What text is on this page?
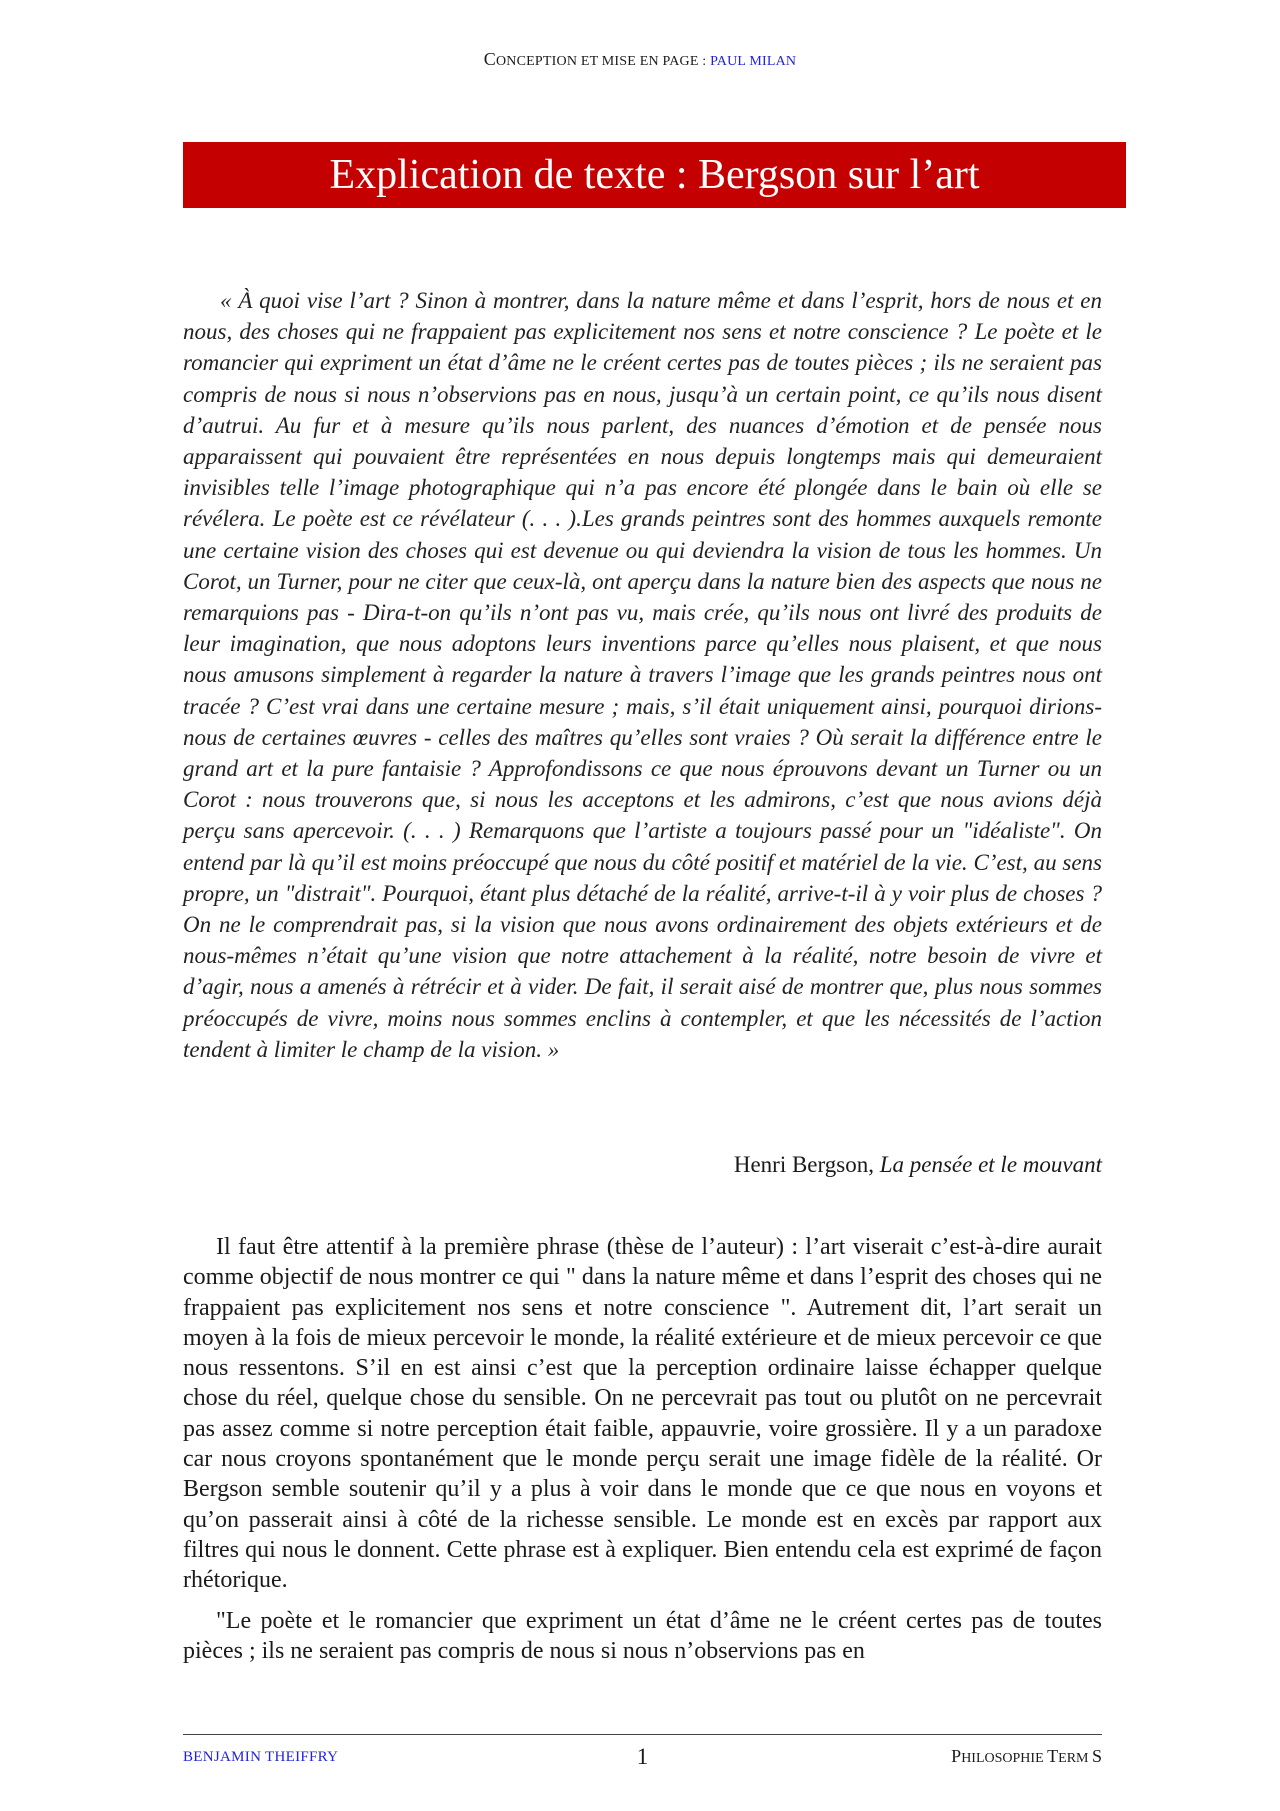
CONCEPTION ET MISE EN PAGE : PAUL MILAN
Explication de texte : Bergson sur l’art

« À quoi vise l’art ? Sinon à montrer, dans la nature même et dans l’esprit, hors de nous et en nous, des choses qui ne frappaient pas explicitement nos sens et notre conscience ? Le poète et le romancier qui expriment un état d’âme ne le créent certes pas de toutes pièces ; ils ne seraient pas compris de nous si nous n’observions pas en nous, jusqu’à un certain point, ce qu’ils nous disent d’autrui. Au fur et à mesure qu’ils nous parlent, des nuances d’émotion et de pensée nous apparaissent qui pouvaient être représentées en nous depuis longtemps mais qui demeuraient invisibles telle l’image photographique qui n’a pas encore été plongée dans le bain où elle se révélera. Le poète est ce révélateur (. . . ).Les grands peintres sont des hommes auxquels remonte une certaine vision des choses qui est devenue ou qui deviendra la vision de tous les hommes. Un Corot, un Turner, pour ne citer que ceux-là, ont aperçu dans la nature bien des aspects que nous ne remarquions pas - Dira-t-on qu’ils n’ont pas vu, mais crée, qu’ils nous ont livré des produits de leur imagination, que nous adoptons leurs inventions parce qu’elles nous plaisent, et que nous nous amusons simplement à regarder la nature à travers l’image que les grands peintres nous ont tracée ? C’est vrai dans une certaine mesure ; mais, s’il était uniquement ainsi, pourquoi dirions-nous de certaines œuvres - celles des maîtres qu’elles sont vraies ? Où serait la différence entre le grand art et la pure fantaisie ? Approfondissons ce que nous éprouvons devant un Turner ou un Corot : nous trouverons que, si nous les acceptons et les admirons, c’est que nous avions déjà perçu sans apercevoir. (. . . ) Remarquons que l’artiste a toujours passé pour un "idéaliste". On entend par là qu’il est moins préoccupé que nous du côté positif et matériel de la vie. C’est, au sens propre, un "distrait". Pourquoi, étant plus détaché de la réalité, arrive-t-il à y voir plus de choses ? On ne le comprendrait pas, si la vision que nous avons ordinairement des objets extérieurs et de nous-mêmes n’était qu’une vision que notre attachement à la réalité, notre besoin de vivre et d’agir, nous a amenés à rétrécir et à vider. De fait, il serait aisé de montrer que, plus nous sommes préoccupés de vivre, moins nous sommes enclins à contempler, et que les nécessités de l’action tendent à limiter le champ de la vision. »

Henri Bergson, La pensée et le mouvant

Il faut être attentif à la première phrase (thèse de l’auteur) : l’art viserait c’est-à-dire aurait comme objectif de nous montrer ce qui " dans la nature même et dans l’esprit des choses qui ne frappaient pas explicitement nos sens et notre conscience ". Autrement dit, l’art serait un moyen à la fois de mieux percevoir le monde, la réalité extérieure et de mieux percevoir ce que nous ressentons. S’il en est ainsi c’est que la perception ordinaire laisse échapper quelque chose du réel, quelque chose du sensible. On ne percevrait pas tout ou plutôt on ne percevrait pas assez comme si notre perception était faible, appauvrie, voire grossière. Il y a un paradoxe car nous croyons spontanément que le monde perçu serait une image fidèle de la réalité. Or Bergson semble soutenir qu’il y a plus à voir dans le monde que ce que nous en voyons et qu’on passerait ainsi à côté de la richesse sensible. Le monde est en excès par rapport aux filtres qui nous le donnent. Cette phrase est à expliquer. Bien entendu cela est exprimé de façon rhétorique.

"Le poète et le romancier que expriment un état d’âme ne le créent certes pas de toutes pièces ; ils ne seraient pas compris de nous si nous n’observions pas en

BENJAMIN THEIFFRY	1	PHILOSOPHIE TERM S
